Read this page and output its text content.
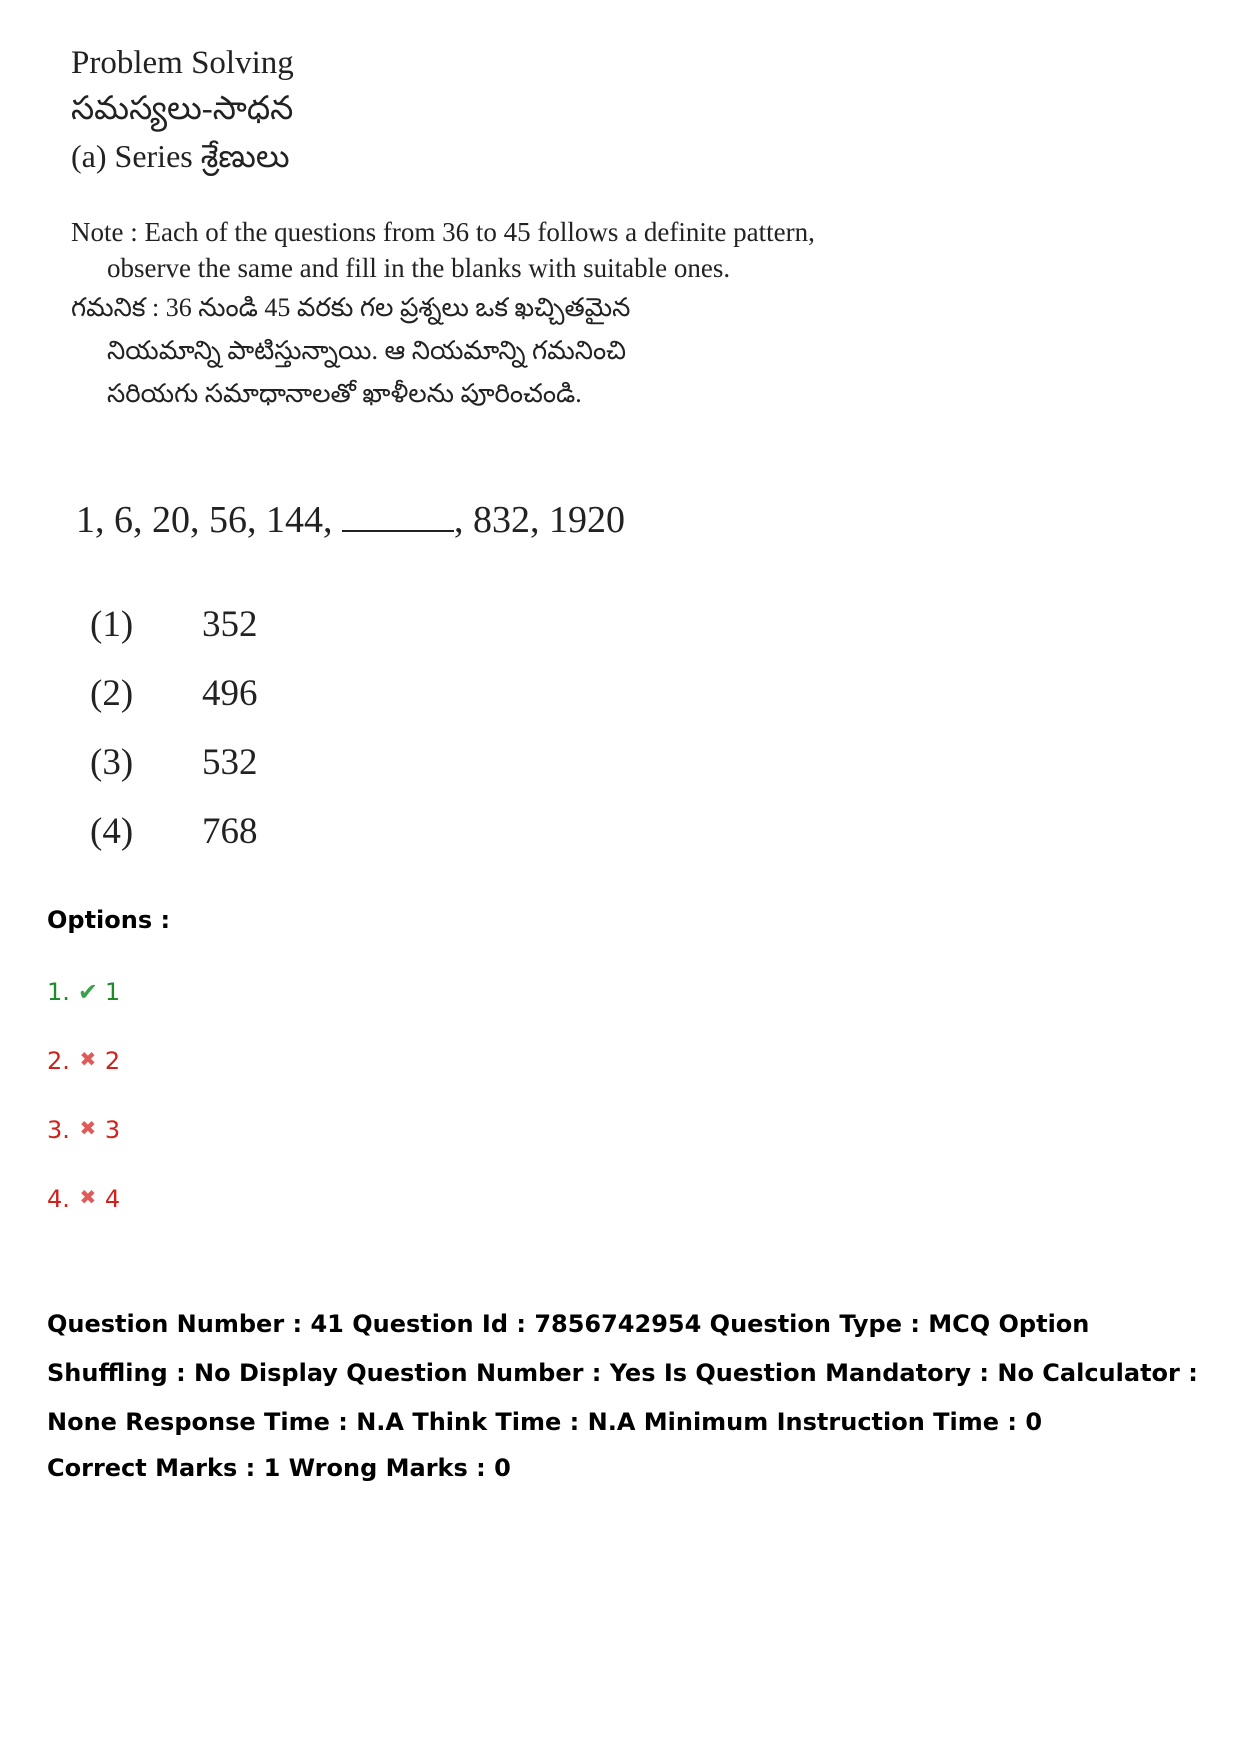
Problem Solving
సమస్యలు-సాధన
(a) Series శ్రేణులు
Note : Each of the questions from 36 to 45 follows a definite pattern,
observe the same and fill in the blanks with suitable ones.
గమనిక : 36 నుండి 45 వరకు గల ప్రశ్నలు ఒక ఖచ్చితమైన
నియమాన్ని పాటిస్తున్నాయి. ఆ నియమాన్ని గమనించి
సరియగు సమాధానాలతో ఖాళీలను పూరించండి.
1, 6, 20, 56, 144,	, 832, 1920
(1)	352
(2)	496
(3)	532
(4)	768
Options :
1. ✔ 1
2. ✖ 2
3. ✖ 3
4. ✖ 4
Question Number : 41 Question Id : 7856742954 Question Type : MCQ Option Shuffling : No Display Question Number : Yes Is Question Mandatory : No Calculator : None Response Time : N.A Think Time : N.A Minimum Instruction Time : 0
Correct Marks : 1 Wrong Marks : 0
